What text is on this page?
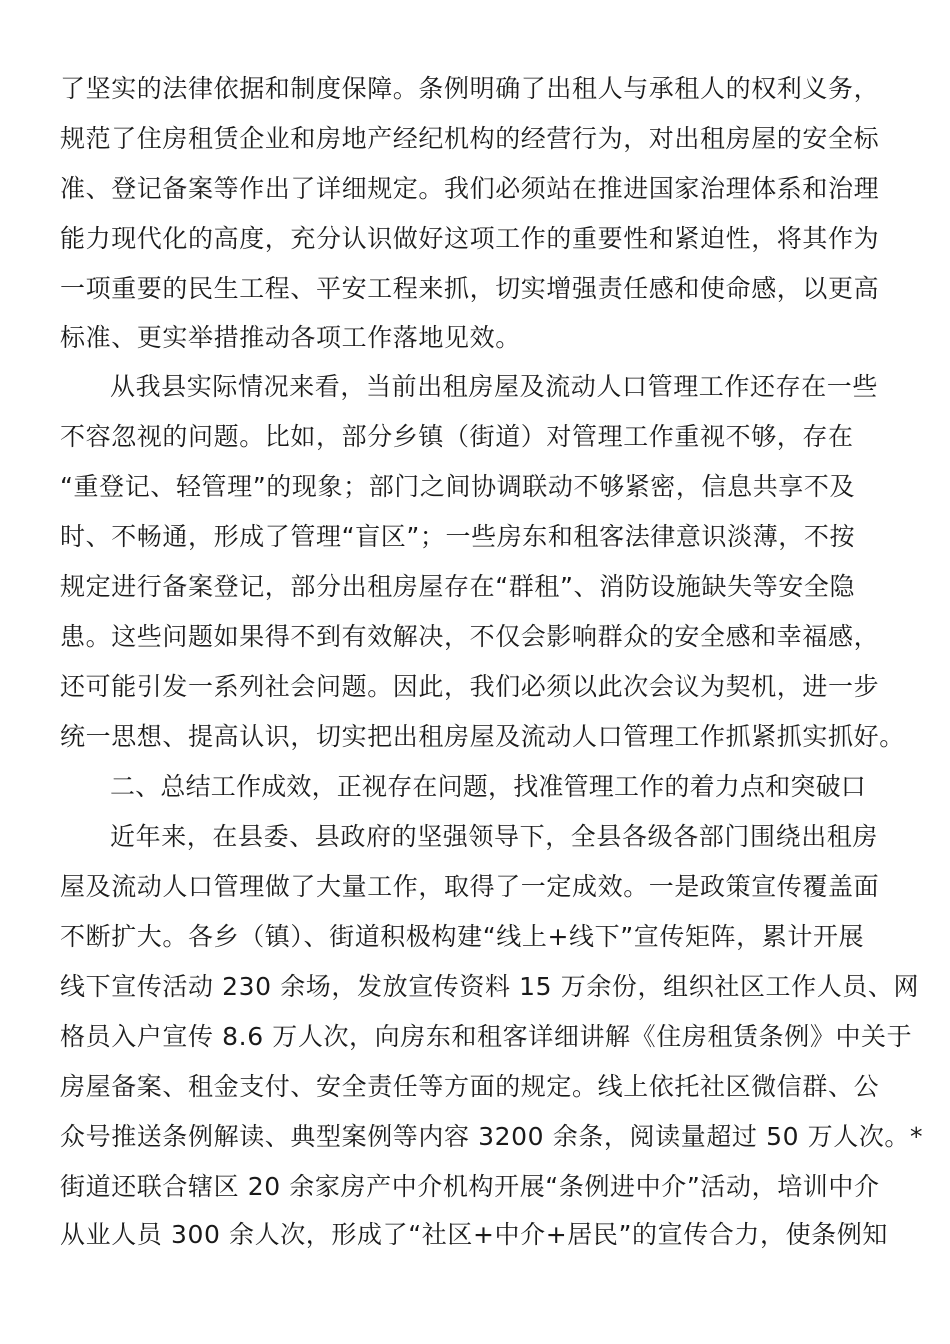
了坚实的法律依据和制度保障。条例明确了出租人与承租人的权利义务，
规范了住房租赁企业和房地产经纪机构的经营行为，对出租房屋的安全标
准、登记备案等作出了详细规定。我们必须站在推进国家治理体系和治理
能力现代化的高度，充分认识做好这项工作的重要性和紧迫性，将其作为
一项重要的民生工程、平安工程来抓，切实增强责任感和使命感，以更高
标准、更实举措推动各项工作落地见效。
从我县实际情况来看，当前出租房屋及流动人口管理工作还存在一些
不容忽视的问题。比如，部分乡镇（街道）对管理工作重视不够，存在
“重登记、轻管理”的现象；部门之间协调联动不够紧密，信息共享不及
时、不畅通，形成了管理“盲区”；一些房东和租客法律意识淡薄，不按
规定进行备案登记，部分出租房屋存在“群租”、消防设施缺失等安全隐
患。这些问题如果得不到有效解决，不仅会影响群众的安全感和幸福感，
还可能引发一系列社会问题。因此，我们必须以此次会议为契机，进一步
统一思想、提高认识，切实把出租房屋及流动人口管理工作抓紧抓实抓好。
二、总结工作成效，正视存在问题，找准管理工作的着力点和突破口
近年来，在县委、县政府的坚强领导下，全县各级各部门围绕出租房
屋及流动人口管理做了大量工作，取得了一定成效。一是政策宣传覆盖面
不断扩大。各乡（镇）、街道积极构建“线上+线下”宣传矩阵，累计开展
线下宣传活动 230 余场，发放宣传资料 15 万余份，组织社区工作人员、网
格员入户宣传 8.6 万人次，向房东和租客详细讲解《住房租赁条例》中关于
房屋备案、租金支付、安全责任等方面的规定。线上依托社区微信群、公
众号推送条例解读、典型案例等内容 3200 余条，阅读量超过 50 万人次。*
街道还联合辖区 20 余家房产中介机构开展“条例进中介”活动，培训中介
从业人员 300 余人次，形成了“社区+中介+居民”的宣传合力，使条例知
